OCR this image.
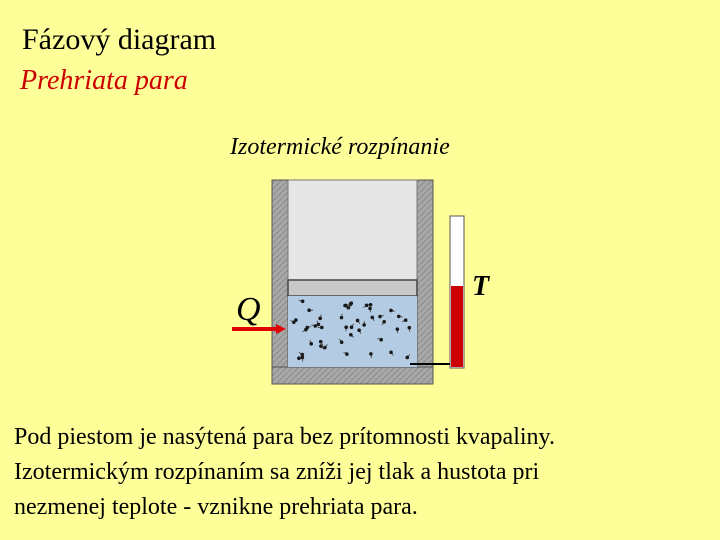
Fázový diagram
Prehriata para
Izotermické rozpínanie
Q
T
Pod piestom je nasýtená para bez prítomnosti kvapaliny.
Izotermickým rozpínaním sa zníži jej tlak a hustota pri
nezmenej teplote - vznikne prehriata para.
